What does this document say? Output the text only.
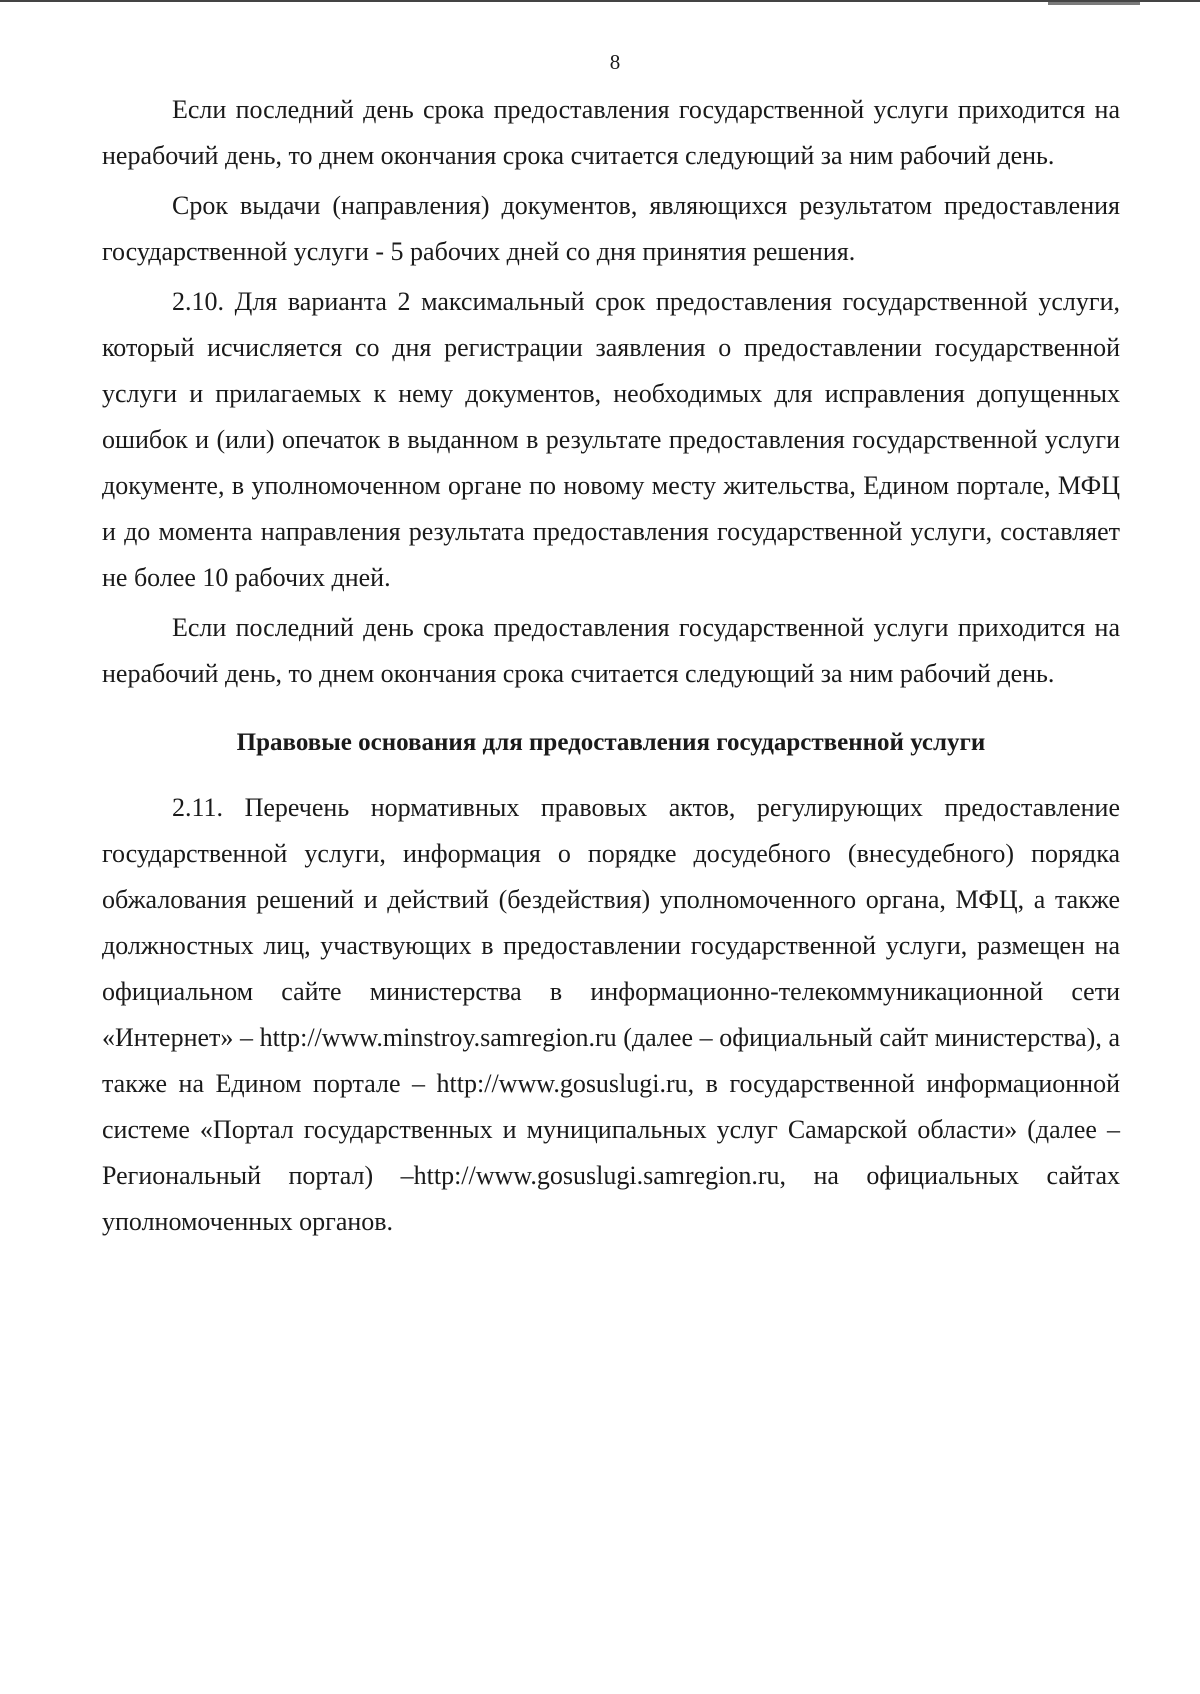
8

Если последний день срока предоставления государственной услуги приходится на нерабочий день, то днем окончания срока считается следующий за ним рабочий день.

Срок выдачи (направления) документов, являющихся результатом предоставления государственной услуги - 5 рабочих дней со дня принятия решения.

2.10. Для варианта 2 максимальный срок предоставления государственной услуги, который исчисляется со дня регистрации заявления о предоставлении государственной услуги и прилагаемых к нему документов, необходимых для исправления допущенных ошибок и (или) опечаток в выданном в результате предоставления государственной услуги документе, в уполномоченном органе по новому месту жительства, Едином портале, МФЦ и до момента направления результата предоставления государственной услуги, составляет не более 10 рабочих дней.

Если последний день срока предоставления государственной услуги приходится на нерабочий день, то днем окончания срока считается следующий за ним рабочий день.

Правовые основания для предоставления государственной услуги

2.11. Перечень нормативных правовых актов, регулирующих предоставление государственной услуги, информация о порядке досудебного (внесудебного) порядка обжалования решений и действий (бездействия) уполномоченного органа, МФЦ, а также должностных лиц, участвующих в предоставлении государственной услуги, размещен на официальном сайте министерства в информационно-телекоммуникационной сети «Интернет» – http://www.minstroy.samregion.ru (далее – официальный сайт министерства), а также на Едином портале – http://www.gosuslugi.ru, в государственной информационной системе «Портал государственных и муниципальных услуг Самарской области» (далее – Региональный портал) –http://www.gosuslugi.samregion.ru, на официальных сайтах уполномоченных органов.
